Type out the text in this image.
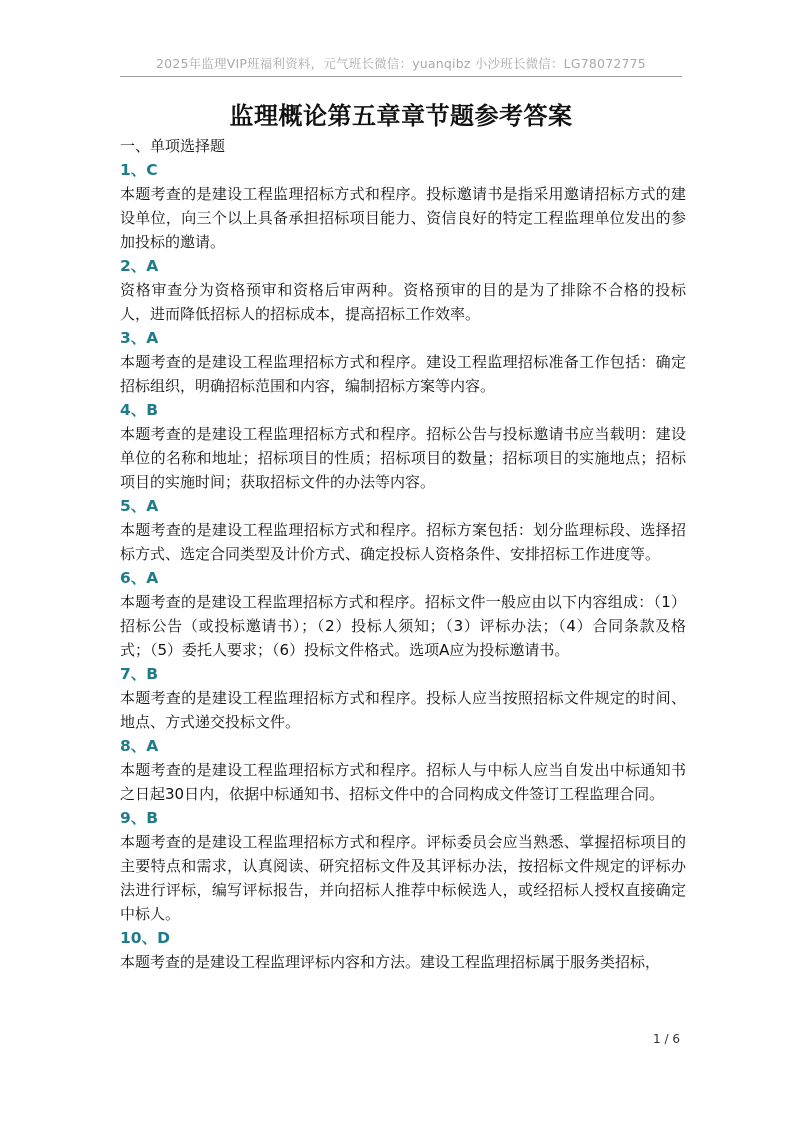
2025年监理VIP班福利资料，元气班长微信：yuanqibz 小沙班长微信：LG78072775
监理概论第五章章节题参考答案

一、单项选择题

1、C

本题考查的是建设工程监理招标方式和程序。投标邀请书是指采用邀请招标方式的建设单位，向三个以上具备承担招标项目能力、资信良好的特定工程监理单位发出的参加投标的邀请。

2、A

资格审查分为资格预审和资格后审两种。资格预审的目的是为了排除不合格的投标人，进而降低招标人的招标成本，提高招标工作效率。

3、A

本题考查的是建设工程监理招标方式和程序。建设工程监理招标准备工作包括：确定招标组织，明确招标范围和内容，编制招标方案等内容。

4、B

本题考查的是建设工程监理招标方式和程序。招标公告与投标邀请书应当载明：建设单位的名称和地址；招标项目的性质；招标项目的数量；招标项目的实施地点；招标项目的实施时间；获取招标文件的办法等内容。

5、A

本题考查的是建设工程监理招标方式和程序。招标方案包括：划分监理标段、选择招标方式、选定合同类型及计价方式、确定投标人资格条件、安排招标工作进度等。

6、A

本题考查的是建设工程监理招标方式和程序。招标文件一般应由以下内容组成：（1）招标公告（或投标邀请书）；（2）投标人须知；（3）评标办法；（4）合同条款及格式；（5）委托人要求；（6）投标文件格式。选项A应为投标邀请书。

7、B

本题考查的是建设工程监理招标方式和程序。投标人应当按照招标文件规定的时间、地点、方式递交投标文件。

8、A

本题考查的是建设工程监理招标方式和程序。招标人与中标人应当自发出中标通知书之日起30日内，依据中标通知书、招标文件中的合同构成文件签订工程监理合同。

9、B

本题考查的是建设工程监理招标方式和程序。评标委员会应当熟悉、掌握招标项目的主要特点和需求，认真阅读、研究招标文件及其评标办法，按招标文件规定的评标办法进行评标，编写评标报告，并向招标人推荐中标候选人，或经招标人授权直接确定中标人。

10、D

本题考查的是建设工程监理评标内容和方法。建设工程监理招标属于服务类招标，

1 / 6
